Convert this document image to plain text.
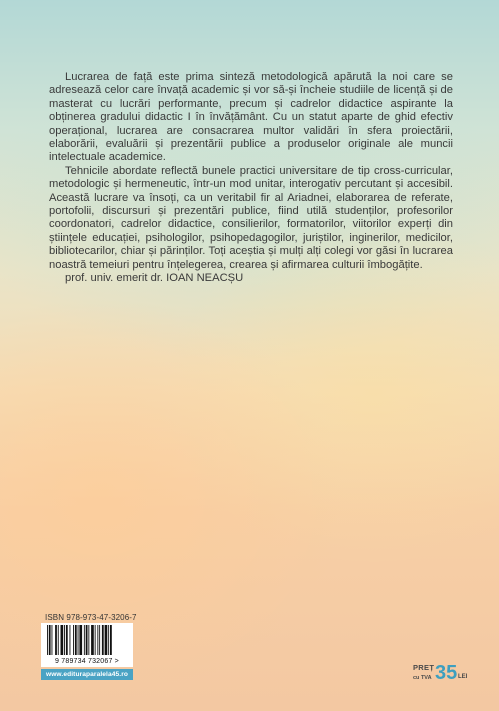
Lucrarea de față este prima sinteză metodologică apărută la noi care se adresează celor care învață academic și vor să-și încheie studiile de licență și de masterat cu lucrări performante, precum și cadrelor didactice aspirante la obținerea gradului didactic I în învățământ. Cu un statut aparte de ghid efectiv operațional, lucrarea are consacrarea multor validări în sfera proiectării, elaborării, evaluării și prezentării publice a produselor originale ale muncii intelectuale academice.

Tehnicile abordate reflectă bunele practici universitare de tip cross-curricular, metodologic și hermeneutic, într-un mod unitar, interogativ percutant și accesibil. Această lucrare va însoți, ca un veritabil fir al Ariadnei, elaborarea de referate, portofolii, discursuri și prezentări publice, fiind utilă studenților, profesorilor coordonatori, cadrelor didactice, consilierilor, formatorilor, viitorilor experți din științele educației, psihologilor, psihopedagogilor, juriștilor, inginerilor, medicilor, bibliotecarilor, chiar și părinților. Toți aceștia și mulți alți colegi vor găsi în lucrarea noastră temeiuri pentru înțelegerea, crearea și afirmarea culturii îmbogățite.

prof. univ. emerit dr. IOAN NEACȘU

ISBN 978-973-47-3206-7
9 789734 732067 >
www.edituraparalela45.ro
PREȚ
cu TVA 35 LEI
